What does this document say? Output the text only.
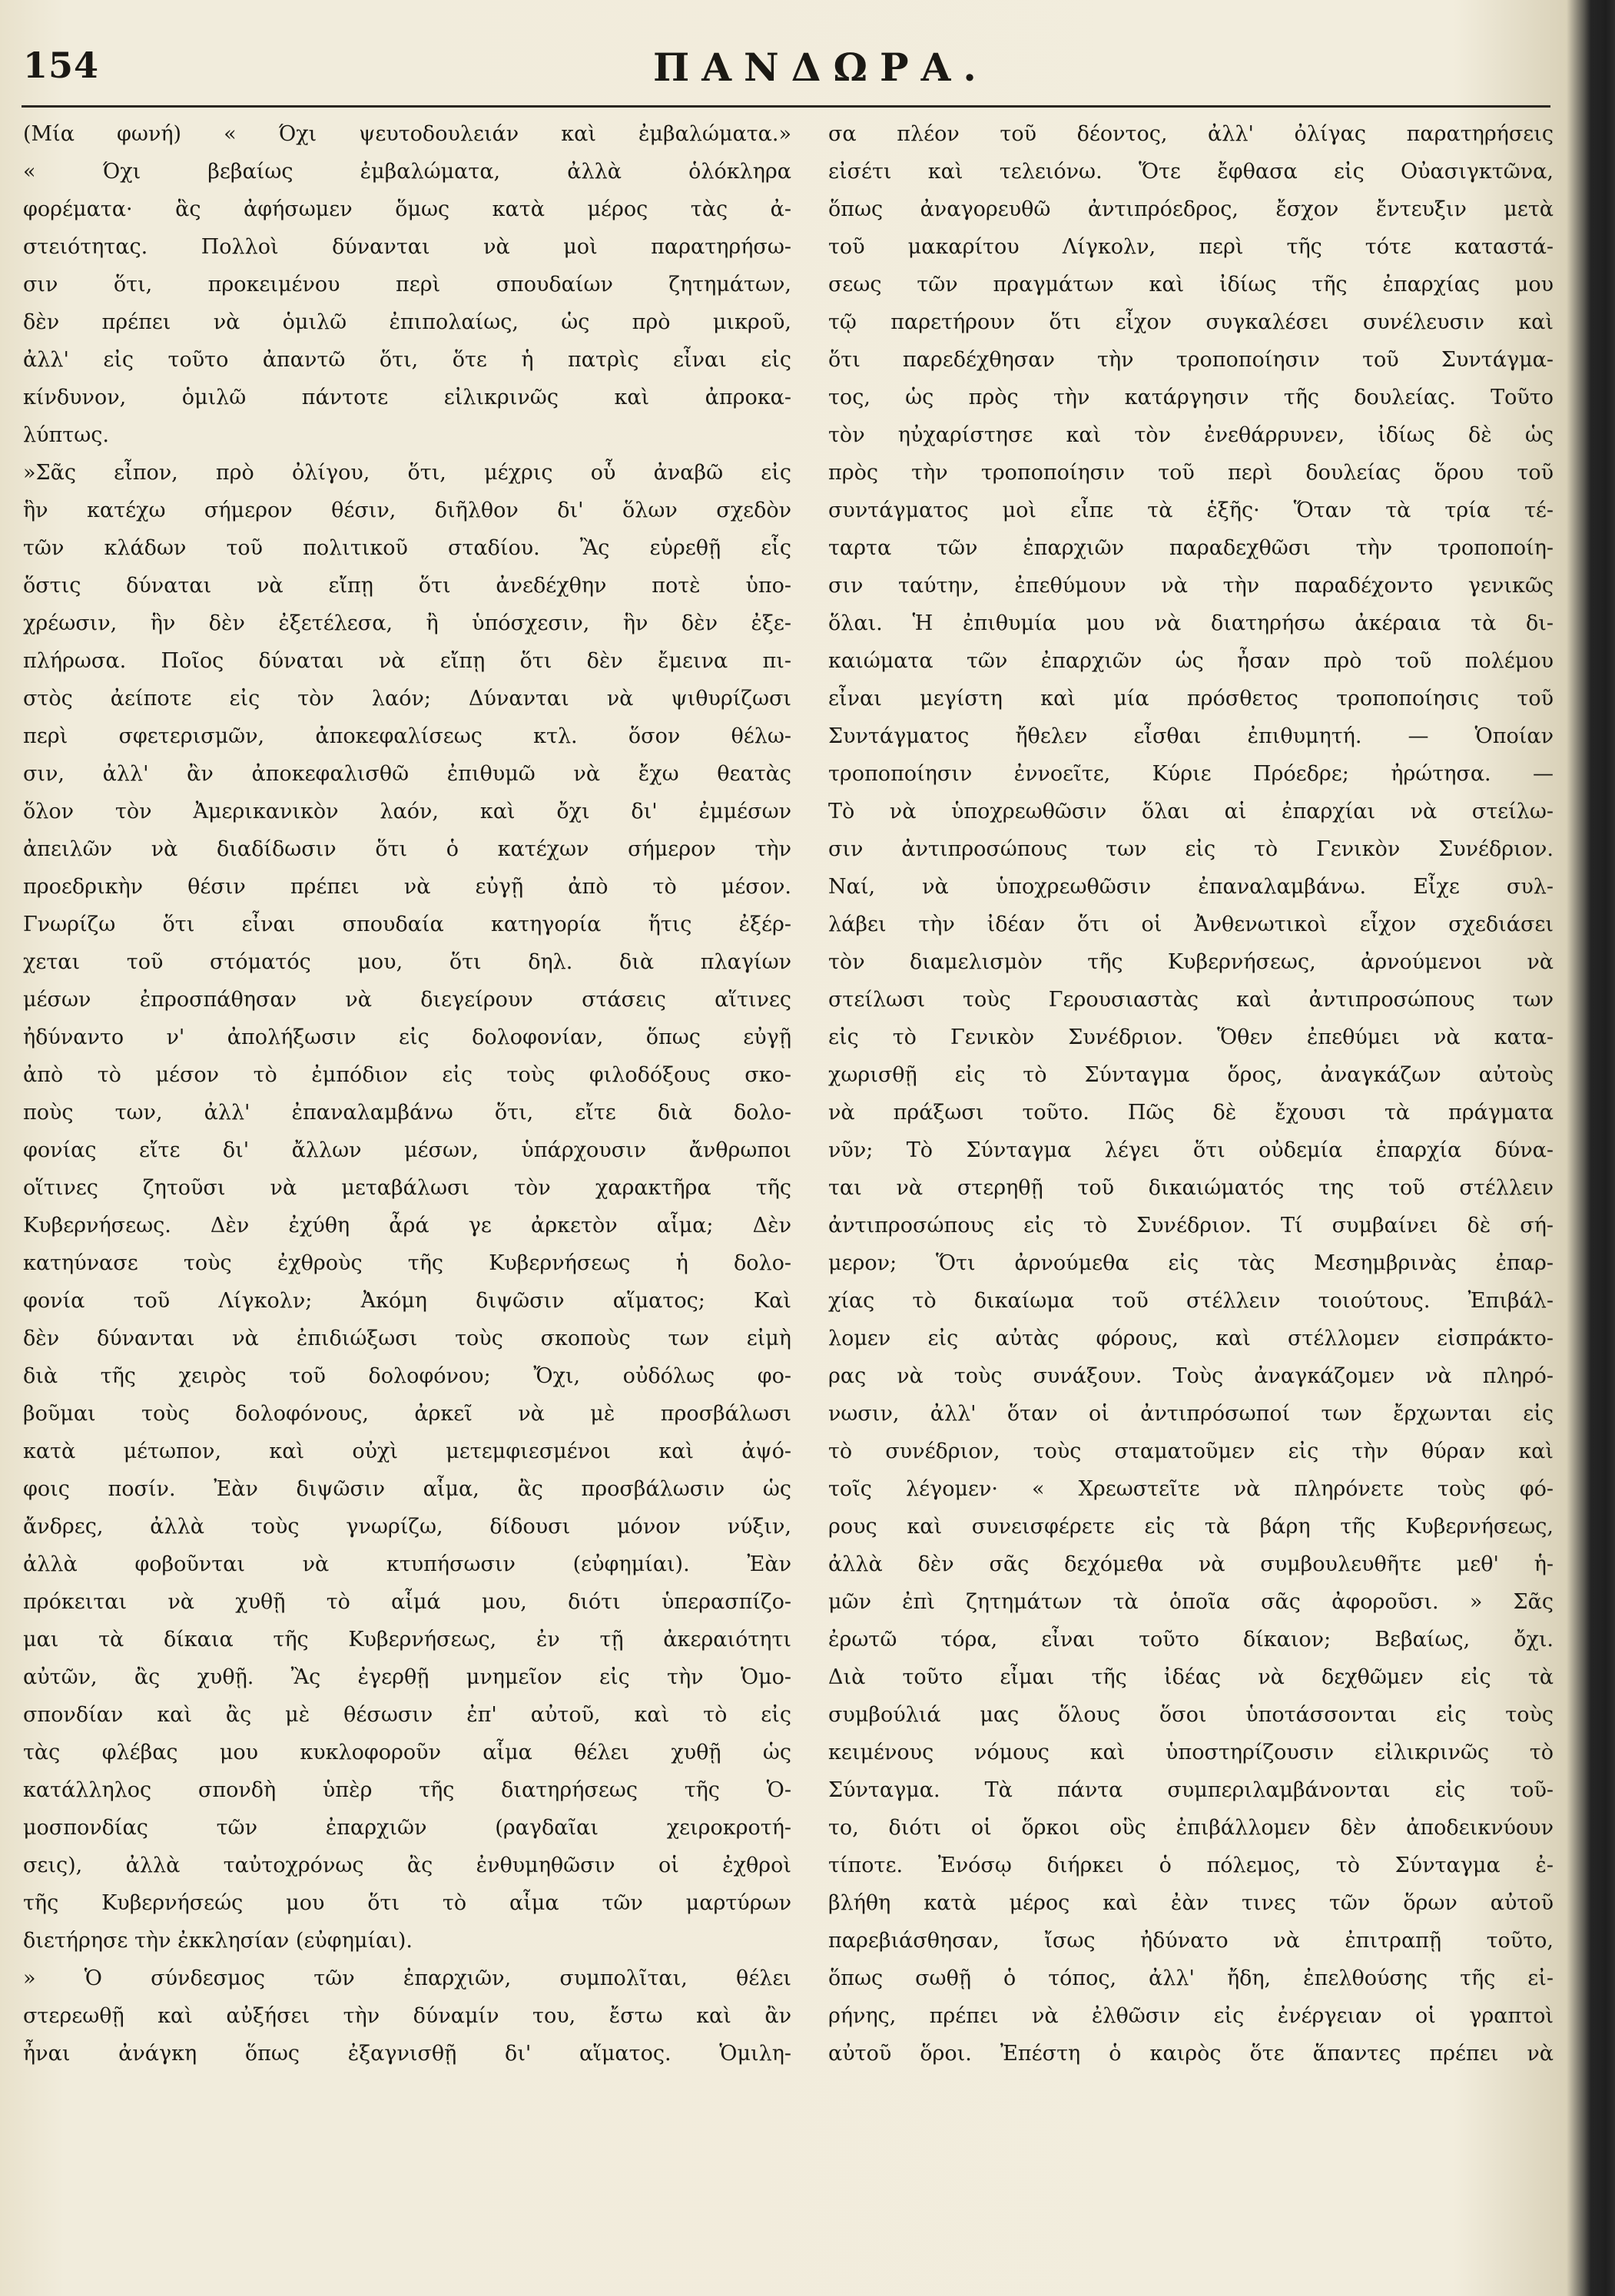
154	ΠΑΝΔΩΡΑ.
(Μία φωνή) « Όχι ψευτοδουλειάν καὶ ἐμβαλώματα.»
« Όχι βεβαίως ἐμβαλώματα, ἀλλὰ ὁλόκληρα
φορέματα· ἃς ἀφήσωμεν ὅμως κατὰ μέρος τὰς ἀ-
στειότητας. Πολλοὶ δύνανται νὰ μοὶ παρατηρήσω-
σιν ὅτι, προκειμένου περὶ σπουδαίων ζητημάτων,
δὲν πρέπει νὰ ὁμιλῶ ἐπιπολαίως, ὡς πρὸ μικροῦ,
ἀλλ' εἰς τοῦτο ἀπαντῶ ὅτι, ὅτε ἡ πατρὶς εἶναι εἰς
κίνδυνον, ὁμιλῶ πάντοτε εἰλικρινῶς καὶ ἀπροκα-
λύπτως.
»Σᾶς εἶπον, πρὸ ὀλίγου, ὅτι, μέχρις οὗ ἀναβῶ εἰς
ἣν κατέχω σήμερον θέσιν, διῆλθον δι' ὅλων σχεδὸν
τῶν κλάδων τοῦ πολιτικοῦ σταδίου. Ἂς εὑρεθῇ εἷς
ὅστις δύναται νὰ εἴπῃ ὅτι ἀνεδέχθην ποτὲ ὑπο-
χρέωσιν, ἣν δὲν ἐξετέλεσα, ἢ ὑπόσχεσιν, ἣν δὲν ἐξε-
πλήρωσα. Ποῖος δύναται νὰ εἴπῃ ὅτι δὲν ἔμεινα πι-
στὸς ἀείποτε εἰς τὸν λαόν; Δύνανται νὰ ψιθυρίζωσι
περὶ σφετερισμῶν, ἀποκεφαλίσεως κτλ. ὅσον θέλω-
σιν, ἀλλ' ἂν ἀποκεφαλισθῶ ἐπιθυμῶ νὰ ἔχω θεατὰς
ὅλον τὸν Ἀμερικανικὸν λαόν, καὶ ὄχι δι' ἐμμέσων
ἀπειλῶν νὰ διαδίδωσιν ὅτι ὁ κατέχων σήμερον τὴν
προεδρικὴν θέσιν πρέπει νὰ εὐγῇ ἀπὸ τὸ μέσον.
Γνωρίζω ὅτι εἶναι σπουδαία κατηγορία ἥτις ἐξέρ-
χεται τοῦ στόματός μου, ὅτι δηλ. διὰ πλαγίων
μέσων ἐπροσπάθησαν νὰ διεγείρουν στάσεις αἵτινες
ἠδύναντο ν' ἀπολήξωσιν εἰς δολοφονίαν, ὅπως εὐγῇ
ἀπὸ τὸ μέσον τὸ ἐμπόδιον εἰς τοὺς φιλοδόξους σκο-
ποὺς των, ἀλλ' ἐπαναλαμβάνω ὅτι, εἴτε διὰ δολο-
φονίας εἴτε δι' ἄλλων μέσων, ὑπάρχουσιν ἄνθρωποι
οἵτινες ζητοῦσι νὰ μεταβάλωσι τὸν χαρακτῆρα τῆς
Κυβερνήσεως. Δὲν ἐχύθη ἆρά γε ἀρκετὸν αἷμα; Δὲν
κατηύνασε τοὺς ἐχθροὺς τῆς Κυβερνήσεως ἡ δολο-
φονία τοῦ Λίγκολν; Ἀκόμη διψῶσιν αἵματος; Καὶ
δὲν δύνανται νὰ ἐπιδιώξωσι τοὺς σκοποὺς των εἰμὴ
διὰ τῆς χειρὸς τοῦ δολοφόνου; Ὄχι, οὐδόλως φο-
βοῦμαι τοὺς δολοφόνους, ἀρκεῖ νὰ μὲ προσβάλωσι
κατὰ μέτωπον, καὶ οὐχὶ μετεμφιεσμένοι καὶ ἀψό-
φοις ποσίν. Ἐὰν διψῶσιν αἷμα, ἂς προσβάλωσιν ὡς
ἄνδρες, ἀλλὰ τοὺς γνωρίζω, δίδουσι μόνον νύξιν,
ἀλλὰ φοβοῦνται νὰ κτυπήσωσιν (εὐφημίαι). Ἐὰν
πρόκειται νὰ χυθῇ τὸ αἷμά μου, διότι ὑπερασπίζο-
μαι τὰ δίκαια τῆς Κυβερνήσεως, ἐν τῇ ἀκεραιότητι
αὐτῶν, ἂς χυθῇ. Ἂς ἐγερθῇ μνημεῖον εἰς τὴν Ὁμο-
σπονδίαν καὶ ἂς μὲ θέσωσιν ἐπ' αὐτοῦ, καὶ τὸ εἰς
τὰς φλέβας μου κυκλοφοροῦν αἷμα θέλει χυθῇ ὡς
κατάλληλος σπονδὴ ὑπὲρ τῆς διατηρήσεως τῆς Ὁ-
μοσπονδίας τῶν ἐπαρχιῶν (ραγδαῖαι χειροκροτή-
σεις), ἀλλὰ ταὐτοχρόνως ἂς ἐνθυμηθῶσιν οἱ ἐχθροὶ
τῆς Κυβερνήσεώς μου ὅτι τὸ αἷμα τῶν μαρτύρων
διετήρησε τὴν ἐκκλησίαν (εὐφημίαι).
» Ὁ σύνδεσμος τῶν ἐπαρχιῶν, συμπολῖται, θέλει
στερεωθῇ καὶ αὐξήσει τὴν δύναμίν του, ἔστω καὶ ἂν
ἦναι ἀνάγκη ὅπως ἐξαγνισθῇ δι' αἵματος. Ὁμιλη-
σα πλέον τοῦ δέοντος, ἀλλ' ὀλίγας παρατηρήσεις
εἰσέτι καὶ τελειόνω. Ὅτε ἔφθασα εἰς Οὐασιγκτῶνα,
ὅπως ἀναγορευθῶ ἀντιπρόεδρος, ἔσχον ἔντευξιν μετὰ
τοῦ μακαρίτου Λίγκολν, περὶ τῆς τότε καταστά-
σεως τῶν πραγμάτων καὶ ἰδίως τῆς ἐπαρχίας μου
τῷ παρετήρουν ὅτι εἶχον συγκαλέσει συνέλευσιν καὶ
ὅτι παρεδέχθησαν τὴν τροποποίησιν τοῦ Συντάγμα-
τος, ὡς πρὸς τὴν κατάργησιν τῆς δουλείας. Τοῦτο
τὸν ηὐχαρίστησε καὶ τὸν ἐνεθάρρυνεν, ἰδίως δὲ ὡς
πρὸς τὴν τροποποίησιν τοῦ περὶ δουλείας ὅρου τοῦ
συντάγματος μοὶ εἶπε τὰ ἑξῆς· Ὅταν τὰ τρία τέ-
ταρτα τῶν ἐπαρχιῶν παραδεχθῶσι τὴν τροποποίη-
σιν ταύτην, ἐπεθύμουν νὰ τὴν παραδέχοντο γενικῶς
ὅλαι. Ἡ ἐπιθυμία μου νὰ διατηρήσω ἀκέραια τὰ δι-
καιώματα τῶν ἐπαρχιῶν ὡς ἦσαν πρὸ τοῦ πολέμου
εἶναι μεγίστη καὶ μία πρόσθετος τροποποίησις τοῦ
Συντάγματος ἤθελεν εἶσθαι ἐπιθυμητή. — Ὁποίαν
τροποποίησιν ἐννοεῖτε, Κύριε Πρόεδρε; ἠρώτησα. —
Τὸ νὰ ὑποχρεωθῶσιν ὅλαι αἱ ἐπαρχίαι νὰ στείλω-
σιν ἀντιπροσώπους των εἰς τὸ Γενικὸν Συνέδριον.
Ναί, νὰ ὑποχρεωθῶσιν ἐπαναλαμβάνω. Εἶχε συλ-
λάβει τὴν ἰδέαν ὅτι οἱ Ἀνθενωτικοὶ εἶχον σχεδιάσει
τὸν διαμελισμὸν τῆς Κυβερνήσεως, ἀρνούμενοι νὰ
στείλωσι τοὺς Γερουσιαστὰς καὶ ἀντιπροσώπους των
εἰς τὸ Γενικὸν Συνέδριον. Ὅθεν ἐπεθύμει νὰ κατα-
χωρισθῇ εἰς τὸ Σύνταγμα ὅρος, ἀναγκάζων αὐτοὺς
νὰ πράξωσι τοῦτο. Πῶς δὲ ἔχουσι τὰ πράγματα
νῦν; Τὸ Σύνταγμα λέγει ὅτι οὐδεμία ἐπαρχία δύνα-
ται νὰ στερηθῇ τοῦ δικαιώματός της τοῦ στέλλειν
ἀντιπροσώπους εἰς τὸ Συνέδριον. Τί συμβαίνει δὲ σή-
μερον; Ὅτι ἀρνούμεθα εἰς τὰς Μεσημβρινὰς ἐπαρ-
χίας τὸ δικαίωμα τοῦ στέλλειν τοιούτους. Ἐπιβάλ-
λομεν εἰς αὐτὰς φόρους, καὶ στέλλομεν εἰσπράκτο-
ρας νὰ τοὺς συνάξουν. Τοὺς ἀναγκάζομεν νὰ πληρό-
νωσιν, ἀλλ' ὅταν οἱ ἀντιπρόσωποί των ἔρχωνται εἰς
τὸ συνέδριον, τοὺς σταματοῦμεν εἰς τὴν θύραν καὶ
τοῖς λέγομεν· « Χρεωστεῖτε νὰ πληρόνετε τοὺς φό-
ρους καὶ συνεισφέρετε εἰς τὰ βάρη τῆς Κυβερνήσεως,
ἀλλὰ δὲν σᾶς δεχόμεθα νὰ συμβουλευθῆτε μεθ' ἡ-
μῶν ἐπὶ ζητημάτων τὰ ὁποῖα σᾶς ἀφοροῦσι. » Σᾶς
ἐρωτῶ τόρα, εἶναι τοῦτο δίκαιον; Βεβαίως, ὄχι.
Διὰ τοῦτο εἶμαι τῆς ἰδέας νὰ δεχθῶμεν εἰς τὰ
συμβούλιά μας ὅλους ὅσοι ὑποτάσσονται εἰς τοὺς
κειμένους νόμους καὶ ὑποστηρίζουσιν εἰλικρινῶς τὸ
Σύνταγμα. Τὰ πάντα συμπεριλαμβάνονται εἰς τοῦ-
το, διότι οἱ ὅρκοι οὓς ἐπιβάλλομεν δὲν ἀποδεικνύουν
τίποτε. Ἐνόσῳ διήρκει ὁ πόλεμος, τὸ Σύνταγμα ἐ-
βλήθη κατὰ μέρος καὶ ἐὰν τινες τῶν ὅρων αὐτοῦ
παρεβιάσθησαν, ἴσως ἠδύνατο νὰ ἐπιτραπῇ τοῦτο,
ὅπως σωθῇ ὁ τόπος, ἀλλ' ἤδη, ἐπελθούσης τῆς εἰ-
ρήνης, πρέπει νὰ ἐλθῶσιν εἰς ἐνέργειαν οἱ γραπτοὶ
αὐτοῦ ὅροι. Ἐπέστη ὁ καιρὸς ὅτε ἅπαντες πρέπει νὰ
